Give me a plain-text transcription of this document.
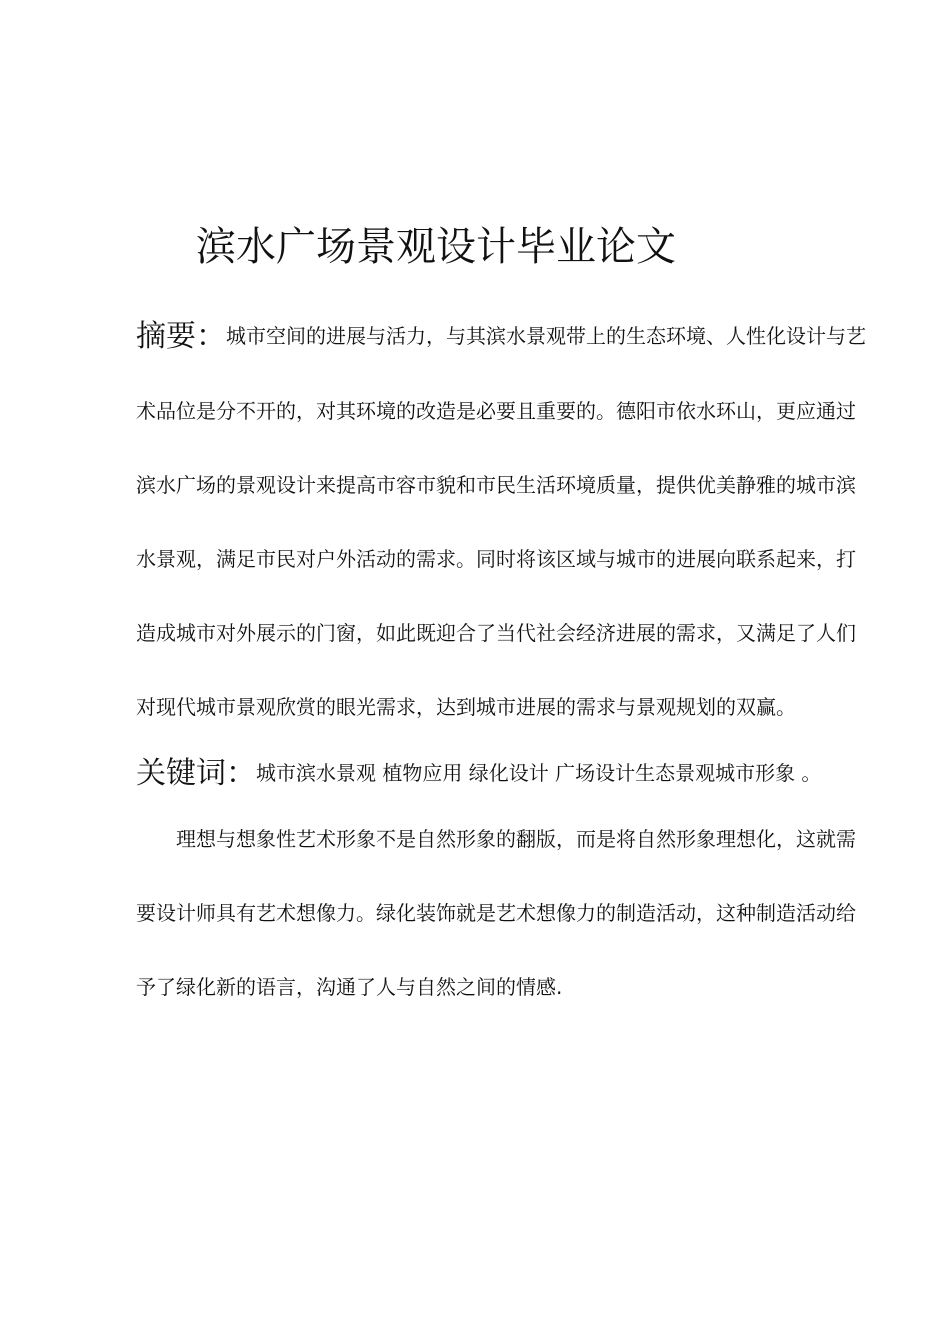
滨水广场景观设计毕业论文
摘要：城市空间的进展与活力，与其滨水景观带上的生态环境、人性化设计与艺
术品位是分不开的，对其环境的改造是必要且重要的。德阳市依水环山，更应通过
滨水广场的景观设计来提高市容市貌和市民生活环境质量，提供优美静雅的城市滨
水景观，满足市民对户外活动的需求。同时将该区域与城市的进展向联系起来，打
造成城市对外展示的门窗，如此既迎合了当代社会经济进展的需求，又满足了人们
对现代城市景观欣赏的眼光需求，达到城市进展的需求与景观规划的双赢。
关键词：城市滨水景观 植物应用 绿化设计 广场设计生态景观城市形象 。
理想与想象性艺术形象不是自然形象的翻版，而是将自然形象理想化，这就需
要设计师具有艺术想像力。绿化装饰就是艺术想像力的制造活动，这种制造活动给
予了绿化新的语言，沟通了人与自然之间的情感.
